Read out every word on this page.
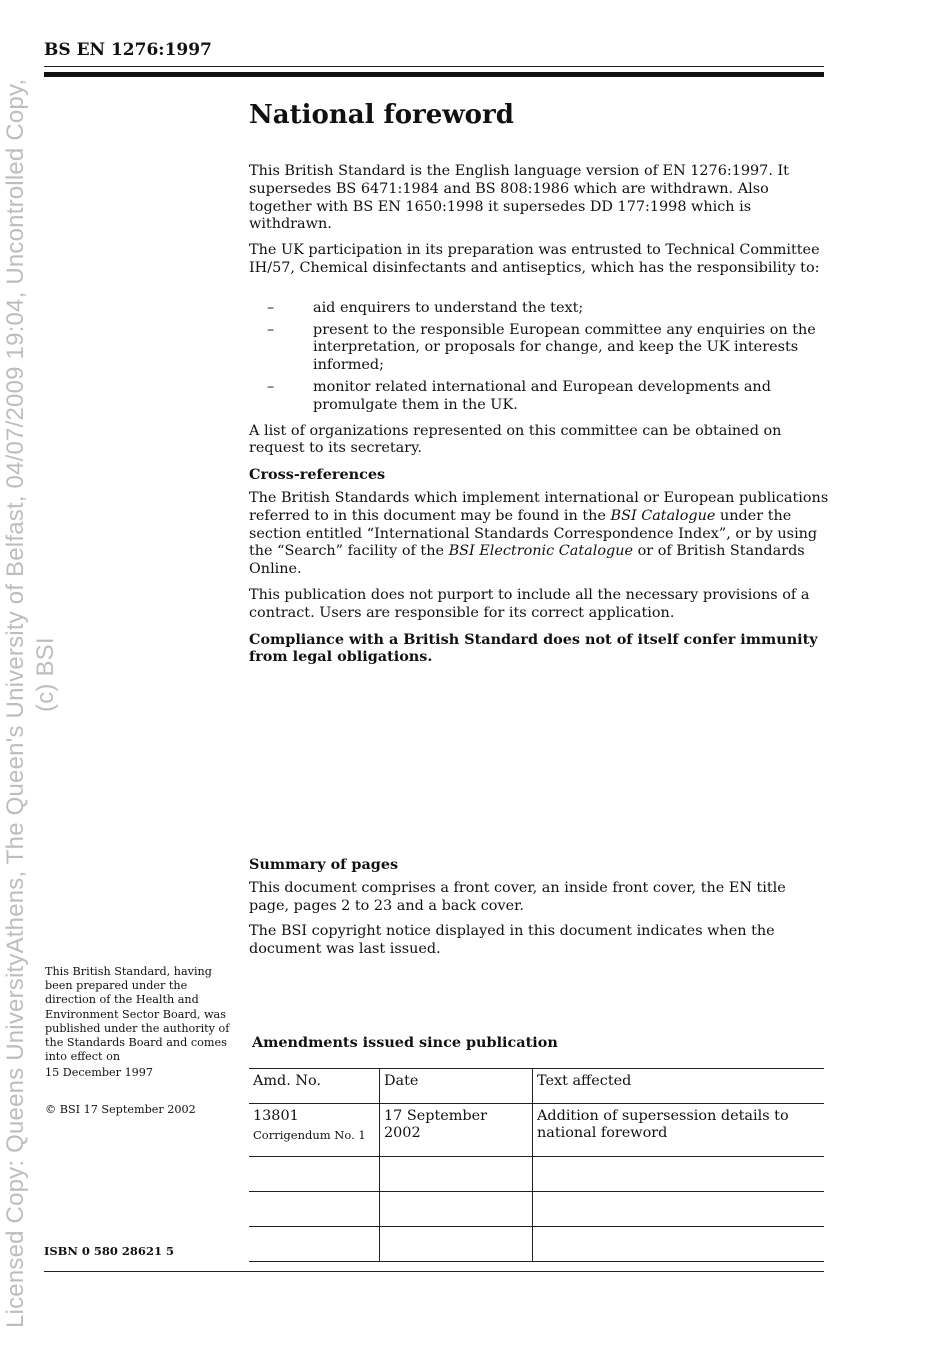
Licensed Copy: Queens UniversityAthens, The Queen's University of Belfast, 04/07/2009 19:04, Uncontrolled Copy, (c) BSI
BS EN 1276:1997
National foreword

This British Standard is the English language version of EN 1276:1997. It supersedes BS 6471:1984 and BS 808:1986 which are withdrawn. Also together with BS EN 1650:1998 it supersedes DD 177:1998 which is withdrawn.

The UK participation in its preparation was entrusted to Technical Committee IH/57, Chemical disinfectants and antiseptics, which has the responsibility to:

–	aid enquirers to understand the text;
–	present to the responsible European committee any enquiries on the interpretation, or proposals for change, and keep the UK interests informed;
–	monitor related international and European developments and promulgate them in the UK.

A list of organizations represented on this committee can be obtained on request to its secretary.

Cross-references

The British Standards which implement international or European publications referred to in this document may be found in the BSI Catalogue under the section entitled “International Standards Correspondence Index”, or by using the “Search” facility of the BSI Electronic Catalogue or of British Standards Online.

This publication does not purport to include all the necessary provisions of a contract. Users are responsible for its correct application.

Compliance with a British Standard does not of itself confer immunity from legal obligations.

Summary of pages

This document comprises a front cover, an inside front cover, the EN title page, pages 2 to 23 and a back cover.

The BSI copyright notice displayed in this document indicates when the document was last issued.

This British Standard, having been prepared under the direction of the Health and Environment Sector Board, was published under the authority of the Standards Board and comes into effect on
15 December 1997
© BSI 17 September 2002
ISBN 0 580 28621 5
Amendments issued since publication
Amd. No.	Date	Text affected
13801
Corrigendum No. 1	17 September 2002	Addition of supersession details to national foreword
